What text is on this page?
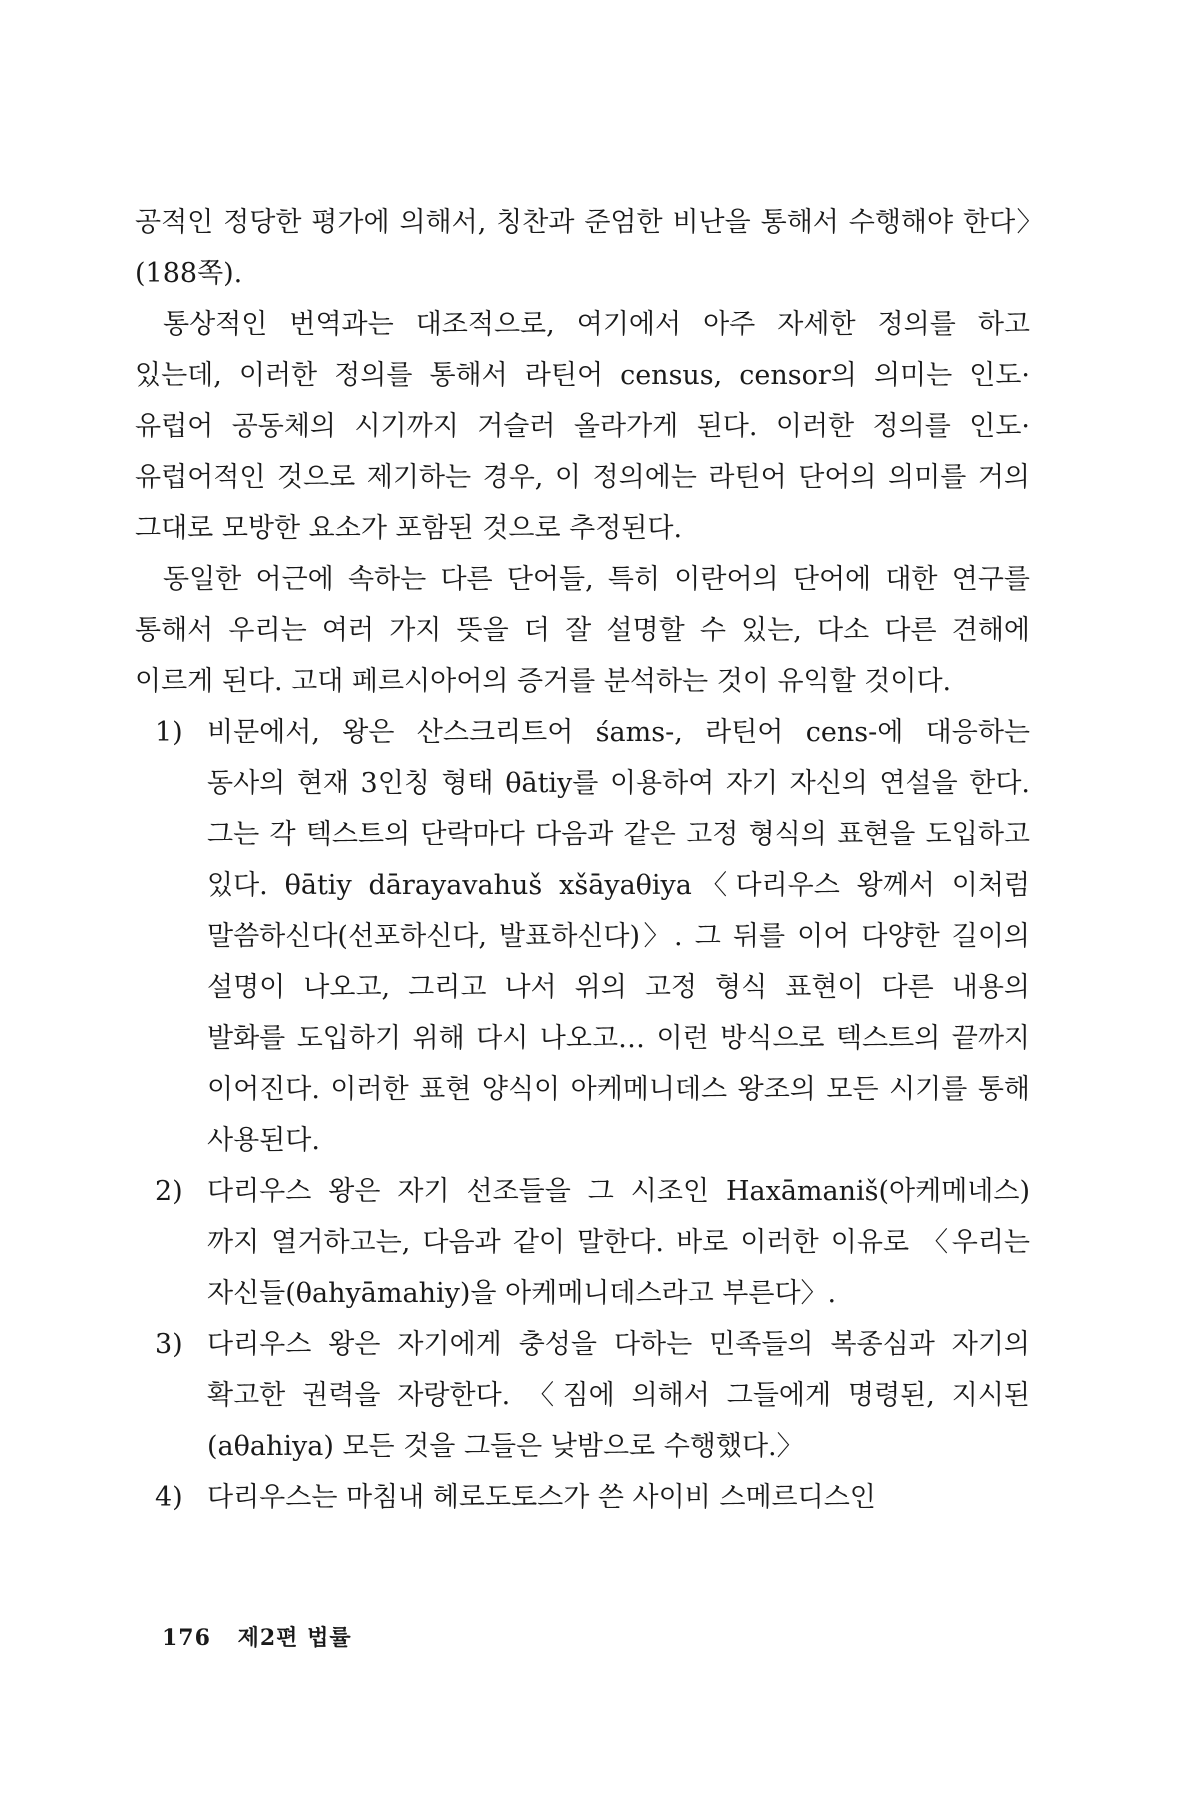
공적인 정당한 평가에 의해서, 칭찬과 준엄한 비난을 통해서 수행해야 한다〉(188쪽).

통상적인 번역과는 대조적으로, 여기에서 아주 자세한 정의를 하고 있는데, 이러한 정의를 통해서 라틴어 census, censor의 의미는 인도·유럽어 공동체의 시기까지 거슬러 올라가게 된다. 이러한 정의를 인도·유럽어적인 것으로 제기하는 경우, 이 정의에는 라틴어 단어의 의미를 거의 그대로 모방한 요소가 포함된 것으로 추정된다.

동일한 어근에 속하는 다른 단어들, 특히 이란어의 단어에 대한 연구를 통해서 우리는 여러 가지 뜻을 더 잘 설명할 수 있는, 다소 다른 견해에 이르게 된다. 고대 페르시아어의 증거를 분석하는 것이 유익할 것이다.

1) 비문에서, 왕은 산스크리트어 śams-, 라틴어 cens-에 대응하는 동사의 현재 3인칭 형태 θātiy를 이용하여 자기 자신의 연설을 한다. 그는 각 텍스트의 단락마다 다음과 같은 고정 형식의 표현을 도입하고 있다. θātiy dārayavahuš xšāyaθiya〈다리우스 왕께서 이처럼 말씀하신다(선포하신다, 발표하신다)〉. 그 뒤를 이어 다양한 길이의 설명이 나오고, 그리고 나서 위의 고정 형식 표현이 다른 내용의 발화를 도입하기 위해 다시 나오고… 이런 방식으로 텍스트의 끝까지 이어진다. 이러한 표현 양식이 아케메니데스 왕조의 모든 시기를 통해 사용된다.
2) 다리우스 왕은 자기 선조들을 그 시조인 Haxāmaniš(아케메네스)까지 열거하고는, 다음과 같이 말한다. 바로 이러한 이유로 〈우리는 자신들(θahyāmahiy)을 아케메니데스라고 부른다〉.
3) 다리우스 왕은 자기에게 충성을 다하는 민족들의 복종심과 자기의 확고한 권력을 자랑한다. 〈짐에 의해서 그들에게 명령된, 지시된(aθahiya) 모든 것을 그들은 낮밤으로 수행했다.〉
4) 다리우스는 마침내 헤로도토스가 쓴 사이비 스메르디스인
176 제2편 법률
